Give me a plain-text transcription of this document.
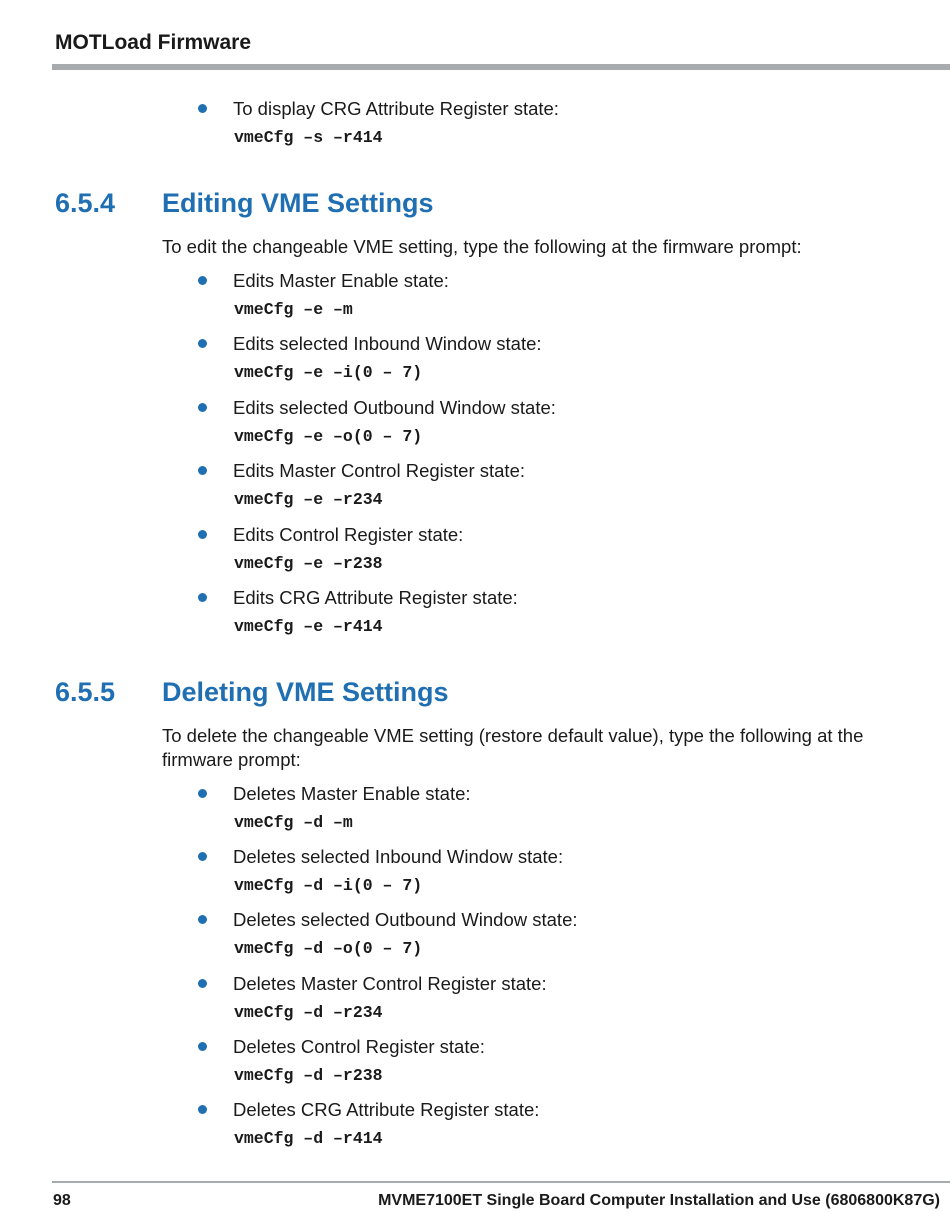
MOTLoad Firmware
To display CRG Attribute Register state:
vmeCfg –s –r414
6.5.4 Editing VME Settings
To edit the changeable VME setting, type the following at the firmware prompt:
Edits Master Enable state:
vmeCfg –e –m
Edits selected Inbound Window state:
vmeCfg –e –i(0 – 7)
Edits selected Outbound Window state:
vmeCfg –e –o(0 – 7)
Edits Master Control Register state:
vmeCfg –e –r234
Edits Control Register state:
vmeCfg –e –r238
Edits CRG Attribute Register state:
vmeCfg –e –r414
6.5.5 Deleting VME Settings
To delete the changeable VME setting (restore default value), type the following at the
firmware prompt:
Deletes Master Enable state:
vmeCfg –d –m
Deletes selected Inbound Window state:
vmeCfg –d –i(0 – 7)
Deletes selected Outbound Window state:
vmeCfg –d –o(0 – 7)
Deletes Master Control Register state:
vmeCfg –d –r234
Deletes Control Register state:
vmeCfg –d –r238
Deletes CRG Attribute Register state:
vmeCfg –d –r414
98	MVME7100ET Single Board Computer Installation and Use (6806800K87G)
